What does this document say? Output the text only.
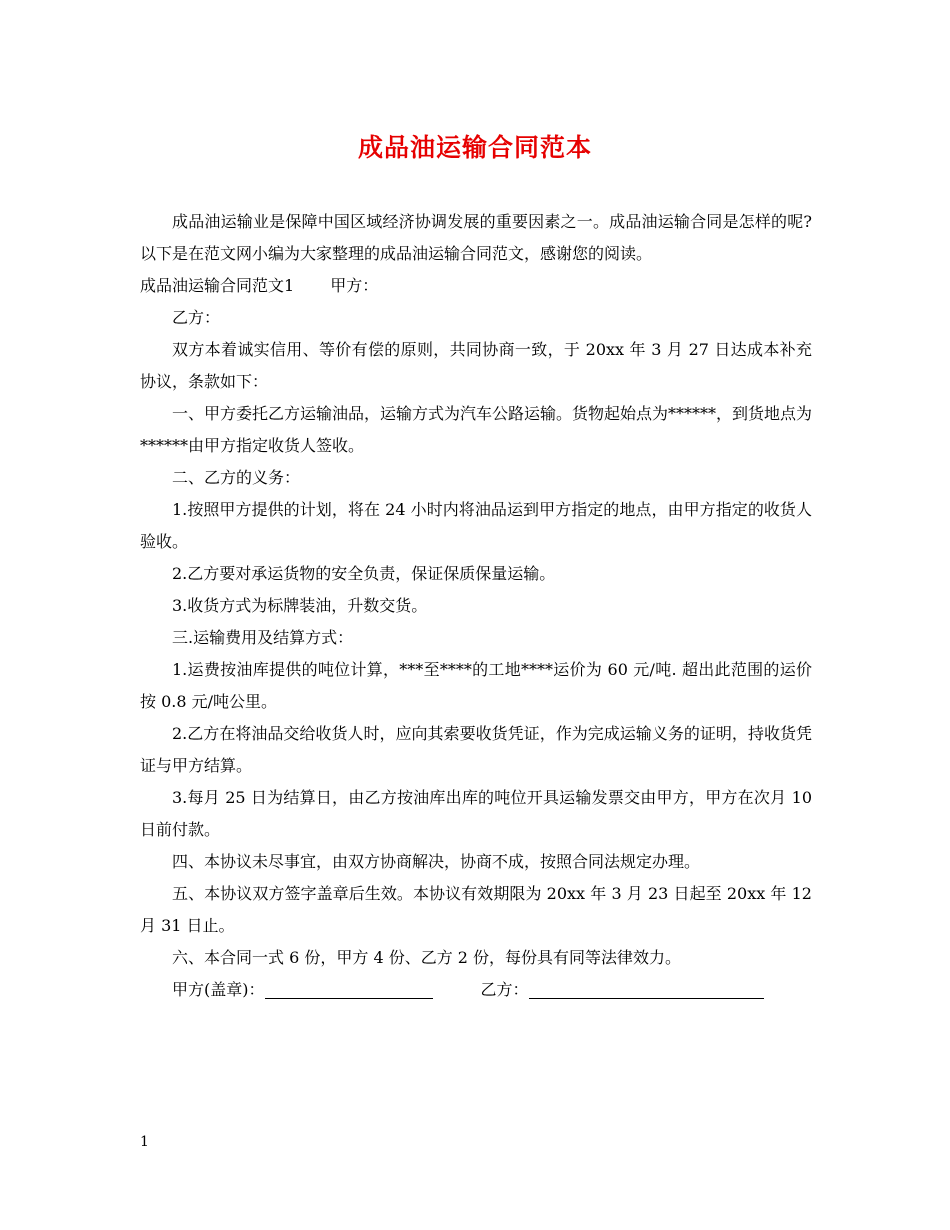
成品油运输合同范本

成品油运输业是保障中国区域经济协调发展的重要因素之一。成品油运输合同是怎样的呢?以下是在范文网小编为大家整理的成品油运输合同范文，感谢您的阅读。

成品油运输合同范文1 甲方：

乙方：

双方本着诚实信用、等价有偿的原则，共同协商一致，于 20xx 年 3 月 27 日达成本补充协议，条款如下：

一、甲方委托乙方运输油品，运输方式为汽车公路运输。货物起始点为******，到货地点为******由甲方指定收货人签收。

二、乙方的义务：

1.按照甲方提供的计划，将在 24 小时内将油品运到甲方指定的地点，由甲方指定的收货人验收。

2.乙方要对承运货物的安全负责，保证保质保量运输。

3.收货方式为标牌装油，升数交货。

三.运输费用及结算方式：

1.运费按油库提供的吨位计算，***至****的工地****运价为 60 元/吨. 超出此范围的运价按 0.8 元/吨公里。

2.乙方在将油品交给收货人时，应向其索要收货凭证，作为完成运输义务的证明，持收货凭证与甲方结算。

3.每月 25 日为结算日，由乙方按油库出库的吨位开具运输发票交由甲方，甲方在次月 10 日前付款。

四、本协议未尽事宜，由双方协商解决，协商不成，按照合同法规定办理。

五、本协议双方签字盖章后生效。本协议有效期限为 20xx 年 3 月 23 日起至 20xx 年 12 月 31 日止。

六、本合同一式 6 份，甲方 4 份、乙方 2 份，每份具有同等法律效力。

甲方(盖章)：	乙方：

1
